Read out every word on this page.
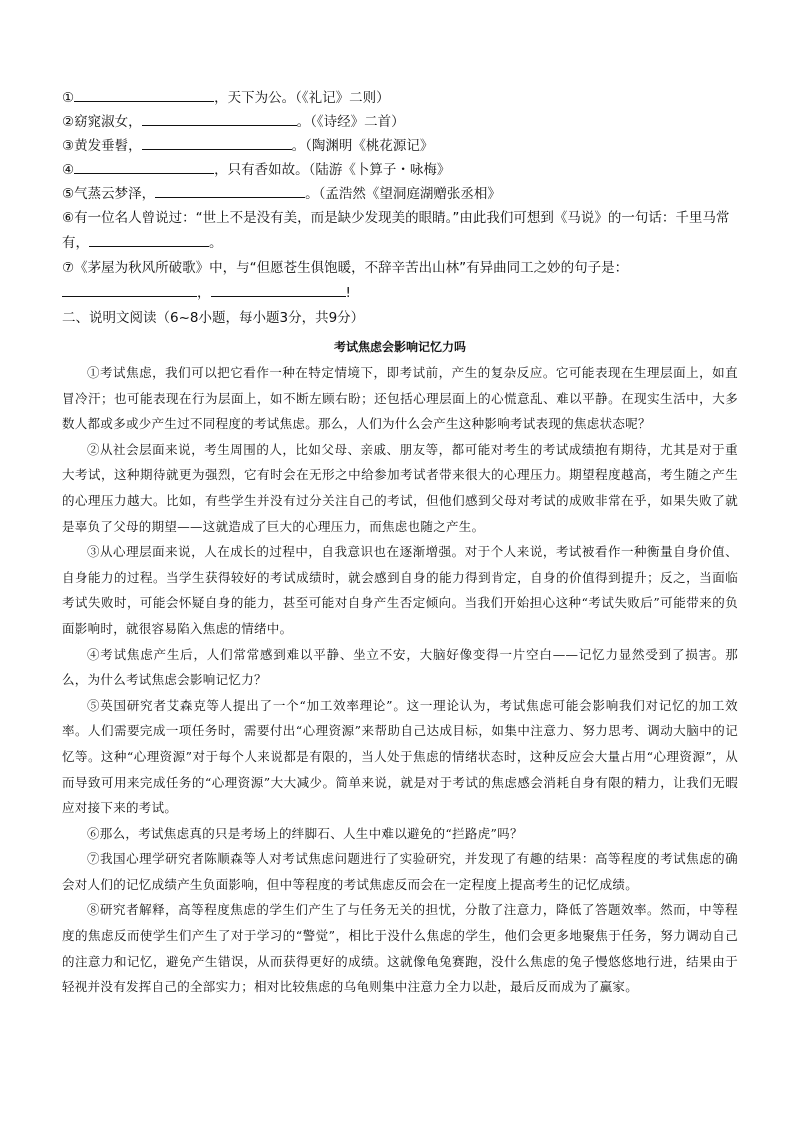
①	，天下为公。（《礼记》二则）
②窈窕淑女，	。（《诗经》二首）
③黄发垂髫，	。（陶渊明《桃花源记》
④	，只有香如故。（陆游《卜算子・咏梅》
⑤气蒸云梦泽，	。（孟浩然《望洞庭湖赠张丞相》
⑥有一位名人曾说过：“世上不是没有美，而是缺少发现美的眼睛。”由此我们可想到《马说》的一句话：千里马常有，	。
⑦《茅屋为秋风所破歌》中，与“但愿苍生俱饱暖，不辞辛苦出山林”有异曲同工之妙的句子是：
，	!
二、说明文阅读（6~8小题，每小题3分，共9分）
考试焦虑会影响记忆力吗

①考试焦虑，我们可以把它看作一种在特定情境下，即考试前，产生的复杂反应。它可能表现在生理层面上，如直冒冷汗；也可能表现在行为层面上，如不断左顾右盼；还包括心理层面上的心慌意乱、难以平静。在现实生活中，大多数人都或多或少产生过不同程度的考试焦虑。那么，人们为什么会产生这种影响考试表现的焦虑状态呢？

②从社会层面来说，考生周围的人，比如父母、亲戚、朋友等，都可能对考生的考试成绩抱有期待，尤其是对于重大考试，这种期待就更为强烈，它有时会在无形之中给参加考试者带来很大的心理压力。期望程度越高，考生随之产生的心理压力越大。比如，有些学生并没有过分关注自己的考试，但他们感到父母对考试的成败非常在乎，如果失败了就是辜负了父母的期望——这就造成了巨大的心理压力，而焦虑也随之产生。

③从心理层面来说，人在成长的过程中，自我意识也在逐渐增强。对于个人来说，考试被看作一种衡量自身价值、自身能力的过程。当学生获得较好的考试成绩时，就会感到自身的能力得到肯定，自身的价值得到提升；反之，当面临考试失败时，可能会怀疑自身的能力，甚至可能对自身产生否定倾向。当我们开始担心这种“考试失败后”可能带来的负面影响时，就很容易陷入焦虑的情绪中。

④考试焦虑产生后，人们常常感到难以平静、坐立不安，大脑好像变得一片空白——记忆力显然受到了损害。那么，为什么考试焦虑会影响记忆力？

⑤英国研究者艾森克等人提出了一个“加工效率理论”。这一理论认为，考试焦虑可能会影响我们对记忆的加工效率。人们需要完成一项任务时，需要付出“心理资源”来帮助自己达成目标，如集中注意力、努力思考、调动大脑中的记忆等。这种“心理资源”对于每个人来说都是有限的，当人处于焦虑的情绪状态时，这种反应会大量占用“心理资源”，从而导致可用来完成任务的“心理资源”大大减少。简单来说，就是对于考试的焦虑感会消耗自身有限的精力，让我们无暇应对接下来的考试。

⑥那么，考试焦虑真的只是考场上的绊脚石、人生中难以避免的“拦路虎”吗？

⑦我国心理学研究者陈顺森等人对考试焦虑问题进行了实验研究，并发现了有趣的结果：高等程度的考试焦虑的确会对人们的记忆成绩产生负面影响，但中等程度的考试焦虑反而会在一定程度上提高考生的记忆成绩。

⑧研究者解释，高等程度焦虑的学生们产生了与任务无关的担忧，分散了注意力，降低了答题效率。然而，中等程度的焦虑反而使学生们产生了对于学习的“警觉”，相比于没什么焦虑的学生，他们会更多地聚焦于任务，努力调动自己的注意力和记忆，避免产生错误，从而获得更好的成绩。这就像龟兔赛跑，没什么焦虑的兔子慢悠悠地行进，结果由于轻视并没有发挥自己的全部实力；相对比较焦虑的乌龟则集中注意力全力以赴，最后反而成为了赢家。
